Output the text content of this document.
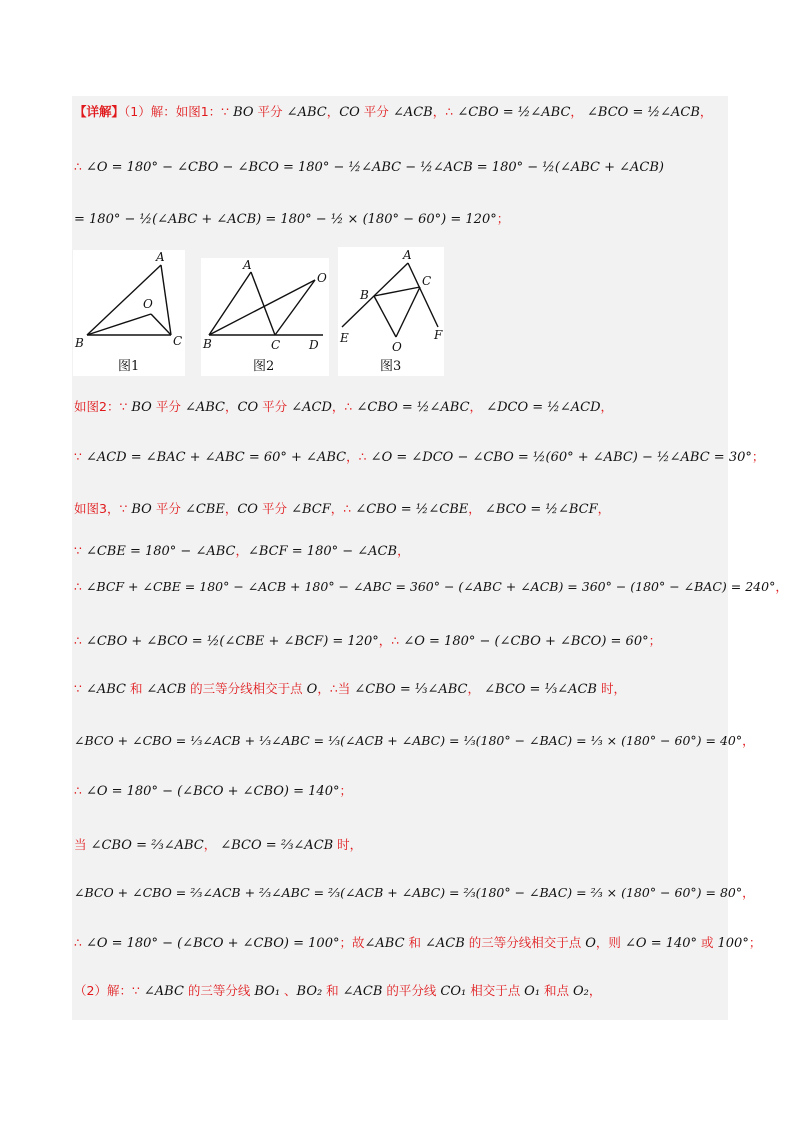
【详解】（1）解：如图1：∵ BO 平分 ∠ABC，CO 平分 ∠ACB，∴ ∠CBO = ½∠ABC， ∠BCO = ½∠ACB，
∴ ∠O = 180° − ∠CBO − ∠BCO = 180° − ½∠ABC − ½∠ACB = 180° − ½(∠ABC + ∠ACB)
= 180° − ½(∠ABC + ∠ACB) = 180° − ½ × (180° − 60°) = 120°；
A
O
B	C
图1
A
O
B	C D
图2
A
B
C
O
E	F
图3
如图2：∵ BO 平分 ∠ABC，CO 平分 ∠ACD，∴ ∠CBO = ½∠ABC， ∠DCO = ½∠ACD，
∵ ∠ACD = ∠BAC + ∠ABC = 60° + ∠ABC，∴ ∠O = ∠DCO − ∠CBO = ½(60° + ∠ABC) − ½∠ABC = 30°；
如图3，∵ BO 平分 ∠CBE，CO 平分 ∠BCF，∴ ∠CBO = ½∠CBE， ∠BCO = ½∠BCF，
∵ ∠CBE = 180° − ∠ABC，∠BCF = 180° − ∠ACB，
∴ ∠BCF + ∠CBE = 180° − ∠ACB + 180° − ∠ABC = 360° − (∠ABC + ∠ACB) = 360° − (180° − ∠BAC) = 240°，
∴ ∠CBO + ∠BCO = ½(∠CBE + ∠BCF) = 120°，∴ ∠O = 180° − (∠CBO + ∠BCO) = 60°；
∵ ∠ABC 和 ∠ACB 的三等分线相交于点 O，∴当 ∠CBO = ⅓∠ABC， ∠BCO = ⅓∠ACB 时，
∠BCO + ∠CBO = ⅓∠ACB + ⅓∠ABC = ⅓(∠ACB + ∠ABC) = ⅓(180° − ∠BAC) = ⅓ × (180° − 60°) = 40°，
∴ ∠O = 180° − (∠BCO + ∠CBO) = 140°；
当 ∠CBO = ⅔∠ABC， ∠BCO = ⅔∠ACB 时，
∠BCO + ∠CBO = ⅔∠ACB + ⅔∠ABC = ⅔(∠ACB + ∠ABC) = ⅔(180° − ∠BAC) = ⅔ × (180° − 60°) = 80°，
∴ ∠O = 180° − (∠BCO + ∠CBO) = 100°；故∠ABC 和 ∠ACB 的三等分线相交于点 O，则 ∠O = 140° 或 100°；
（2）解：∵ ∠ABC 的三等分线 BO₁ 、BO₂ 和 ∠ACB 的平分线 CO₁ 相交于点 O₁ 和点 O₂，
